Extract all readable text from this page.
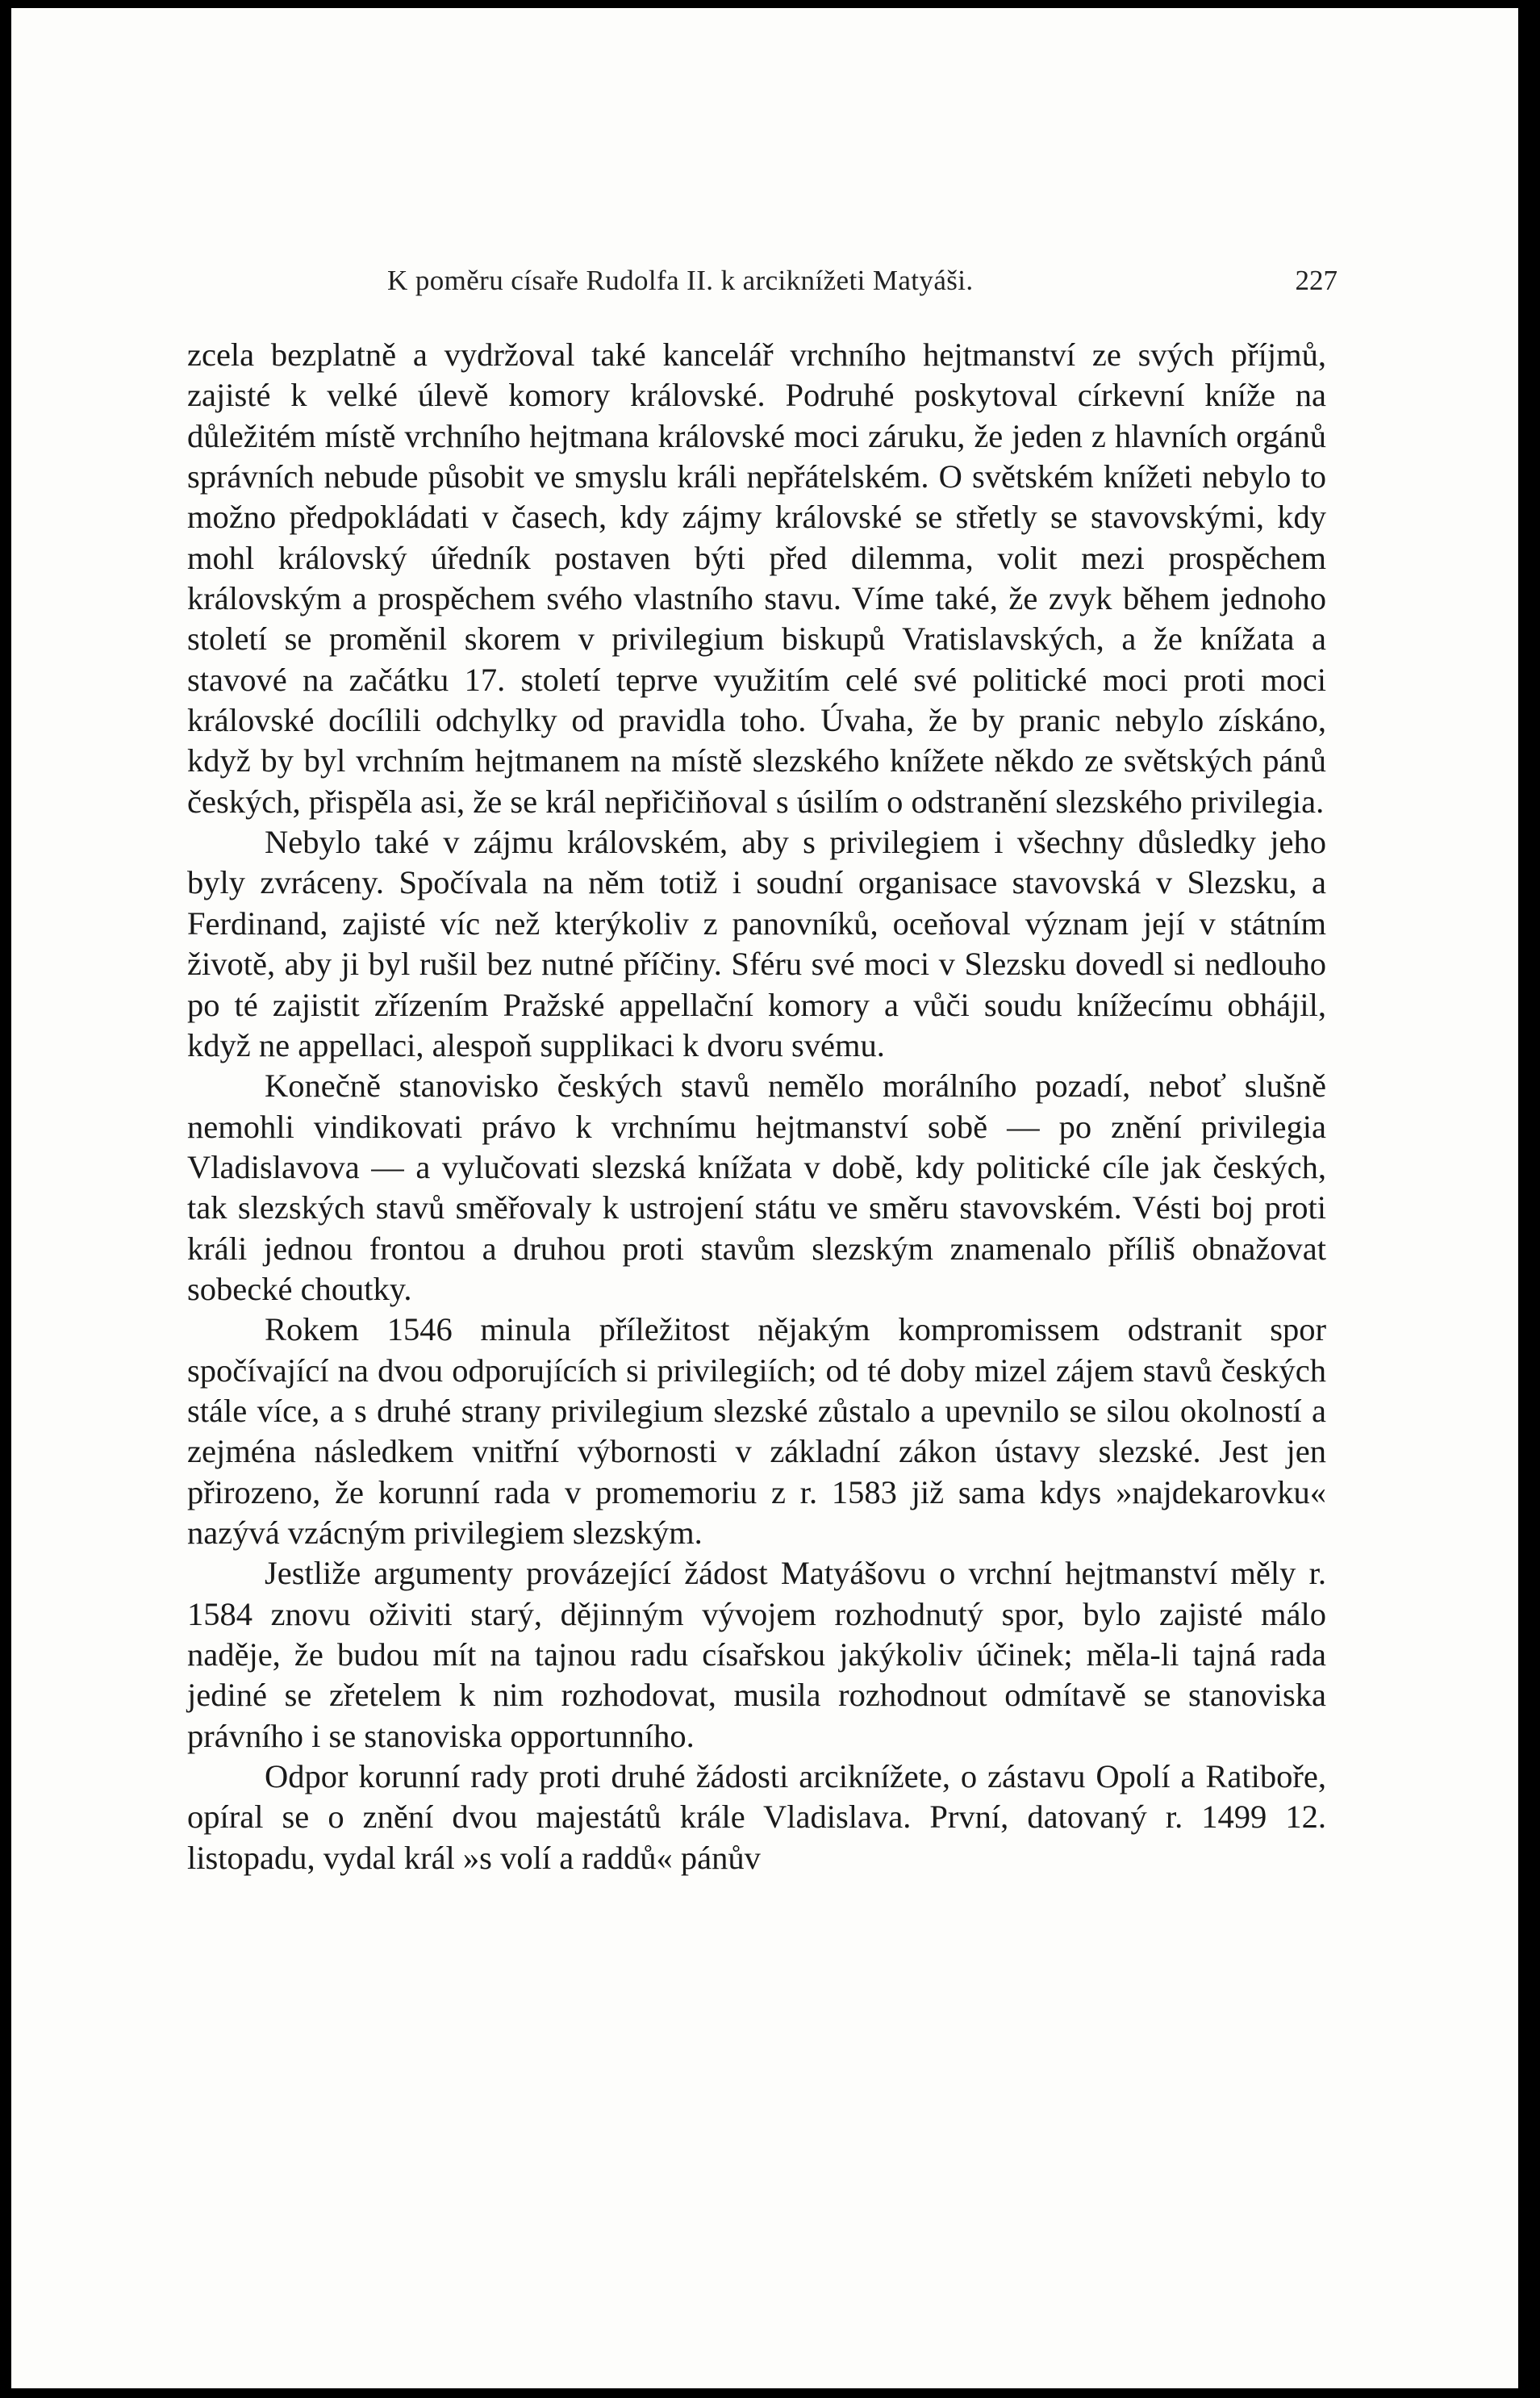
K poměru císaře Rudolfa II. k arciknížeti Matyáši.	227

zcela bezplatně a vydržoval také kancelář vrchního hejtmanství ze svých příjmů, zajisté k velké úlevě komory královské. Podruhé poskytoval církevní kníže na důležitém místě vrchního hejtmana královské moci záruku, že jeden z hlavních orgánů správních nebude působit ve smyslu králi nepřátelském. O světském knížeti nebylo to možno předpokládati v časech, kdy zájmy královské se střetly se stavovskými, kdy mohl královský úředník postaven býti před dilemma, volit mezi prospěchem královským a prospěchem svého vlastního stavu. Víme také, že zvyk během jednoho století se proměnil skorem v privilegium biskupů Vratislavských, a že knížata a stavové na začátku 17. století teprve využitím celé své politické moci proti moci královské docílili odchylky od pravidla toho. Úvaha, že by pranic nebylo získáno, když by byl vrchním hejtmanem na místě slezského knížete někdo ze světských pánů českých, přispěla asi, že se král nepřičiňoval s úsilím o odstranění slezského privilegia.

Nebylo také v zájmu královském, aby s privilegiem i všechny důsledky jeho byly zvráceny. Spočívala na něm totiž i soudní organisace stavovská v Slezsku, a Ferdinand, zajisté víc než kterýkoliv z panovníků, oceňoval význam její v státním životě, aby ji byl rušil bez nutné příčiny. Sféru své moci v Slezsku dovedl si nedlouho po té zajistit zřízením Pražské appellační komory a vůči soudu knížecímu obhájil, když ne appellaci, alespoň supplikaci k dvoru svému.

Konečně stanovisko českých stavů nemělo morálního pozadí, neboť slušně nemohli vindikovati právo k vrchnímu hejtmanství sobě — po znění privilegia Vladislavova — a vylučovati slezská knížata v době, kdy politické cíle jak českých, tak slezských stavů směřovaly k ustrojení státu ve směru stavovském. Vésti boj proti králi jednou frontou a druhou proti stavům slezským znamenalo příliš obnažovat sobecké choutky.

Rokem 1546 minula příležitost nějakým kompromissem odstranit spor spočívající na dvou odporujících si privilegiích; od té doby mizel zájem stavů českých stále více, a s druhé strany privilegium slezské zůstalo a upevnilo se silou okolností a zejména následkem vnitřní výbornosti v základní zákon ústavy slezské. Jest jen přirozeno, že korunní rada v promemoriu z r. 1583 již sama kdys »najdekarovku« nazývá vzácným privilegiem slezským.

Jestliže argumenty provázející žádost Matyášovu o vrchní hejtmanství měly r. 1584 znovu oživiti starý, dějinným vývojem rozhodnutý spor, bylo zajisté málo naděje, že budou mít na tajnou radu císařskou jakýkoliv účinek; měla-li tajná rada jediné se zřetelem k nim rozhodovat, musila rozhodnout odmítavě se stanoviska právního i se stanoviska opportunního.

Odpor korunní rady proti druhé žádosti arciknížete, o zástavu Opolí a Ratiboře, opíral se o znění dvou majestátů krále Vladislava. První, datovaný r. 1499 12. listopadu, vydal král »s volí a raddů« pánův
